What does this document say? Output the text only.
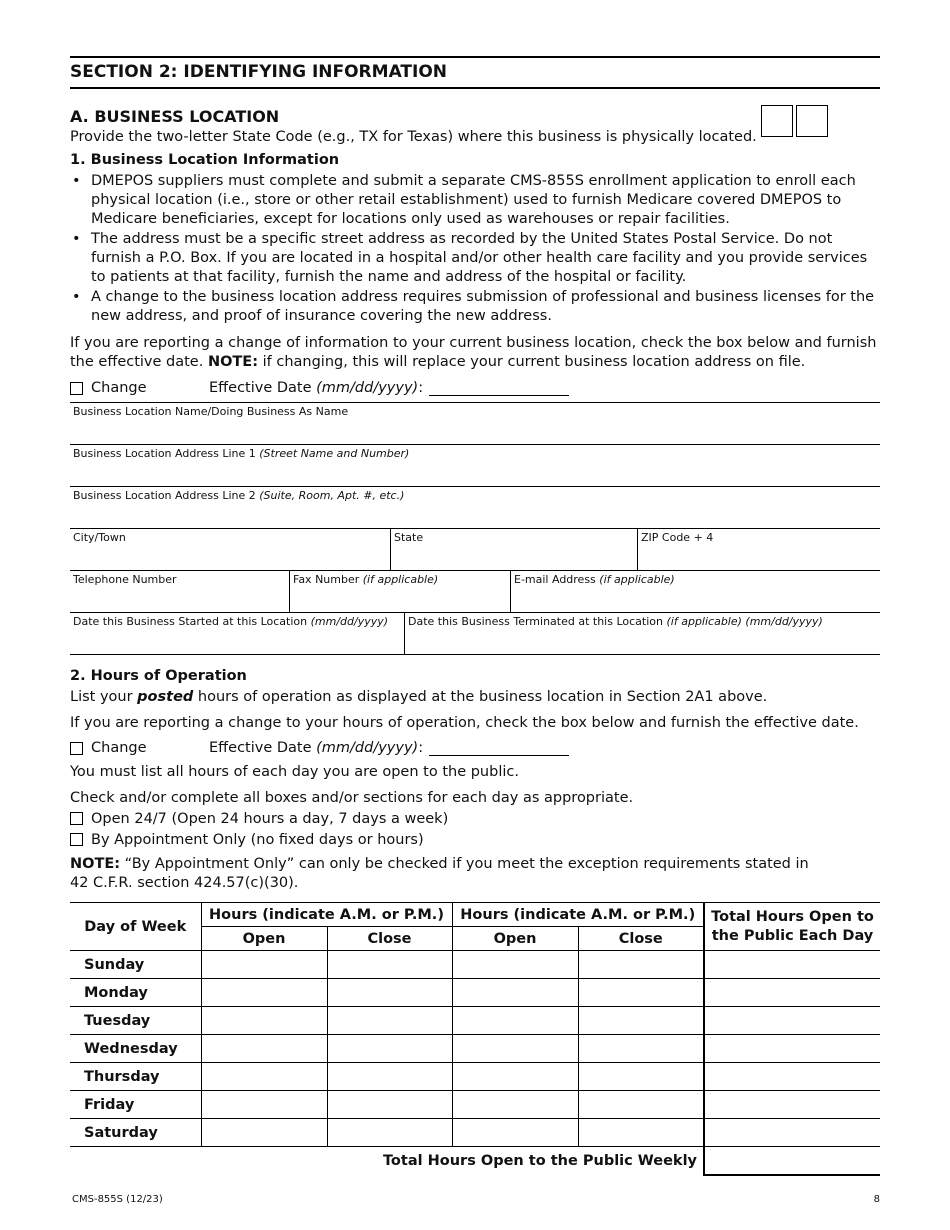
SECTION 2: IDENTIFYING INFORMATION
A. BUSINESS LOCATION
Provide the two-letter State Code (e.g., TX for Texas) where this business is physically located.
1. Business Location Information
• DMEPOS suppliers must complete and submit a separate CMS-855S enrollment application to enroll each physical location (i.e., store or other retail establishment) used to furnish Medicare covered DMEPOS to Medicare beneficiaries, except for locations only used as warehouses or repair facilities.
• The address must be a specific street address as recorded by the United States Postal Service. Do not furnish a P.O. Box. If you are located in a hospital and/or other health care facility and you provide services to patients at that facility, furnish the name and address of the hospital or facility.
• A change to the business location address requires submission of professional and business licenses for the new address, and proof of insurance covering the new address.
If you are reporting a change of information to your current business location, check the box below and furnish the effective date. NOTE: if changing, this will replace your current business location address on file.
Change	Effective Date (mm/dd/yyyy):
Business Location Name/Doing Business As Name
Business Location Address Line 1 (Street Name and Number)
Business Location Address Line 2 (Suite, Room, Apt. #, etc.)
City/Town	State	ZIP Code + 4
Telephone Number	Fax Number (if applicable)	E-mail Address (if applicable)
Date this Business Started at this Location (mm/dd/yyyy)	Date this Business Terminated at this Location (if applicable) (mm/dd/yyyy)
2. Hours of Operation
List your posted hours of operation as displayed at the business location in Section 2A1 above.
If you are reporting a change to your hours of operation, check the box below and furnish the effective date.
Change	Effective Date (mm/dd/yyyy):
You must list all hours of each day you are open to the public.
Check and/or complete all boxes and/or sections for each day as appropriate.
Open 24/7 (Open 24 hours a day, 7 days a week)
By Appointment Only (no fixed days or hours)
NOTE: “By Appointment Only” can only be checked if you meet the exception requirements stated in
42 C.F.R. section 424.57(c)(30).
Day of Week	Hours (indicate A.M. or P.M.)		Hours (indicate A.M. or P.M.)		Total Hours Open to
the Public Each Day
	Open	Close	Open	Close	
Sunday					
Monday					
Tuesday					
Wednesday					
Thursday					
Friday					
Saturday					
Total Hours Open to the Public Weekly					
CMS-855S (12/23)	8
